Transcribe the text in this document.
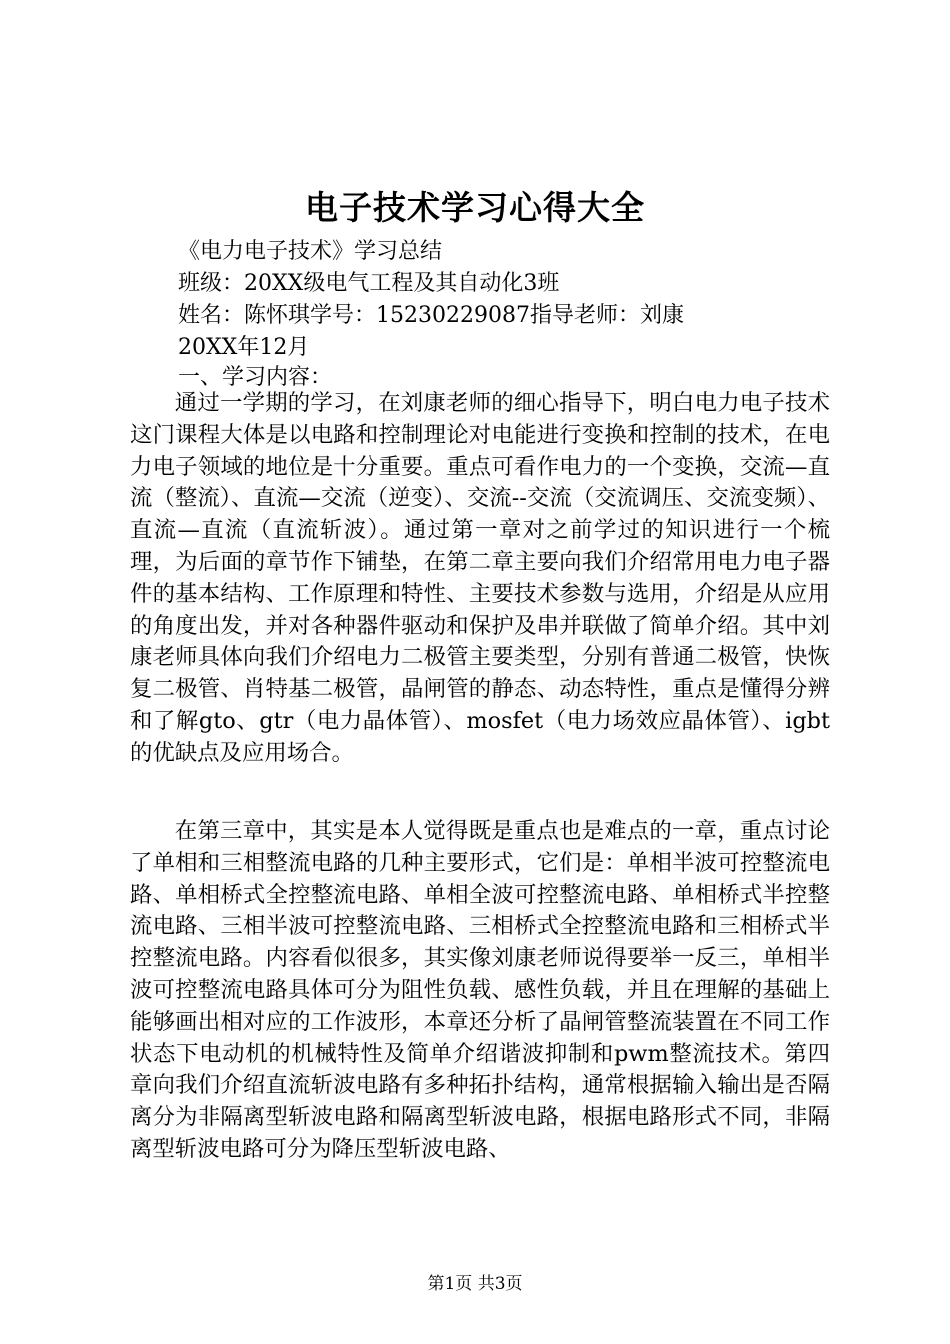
电子技术学习心得大全
《电力电子技术》学习总结
班级：20XX级电气工程及其自动化3班
姓名：陈怀琪学号：15230229087指导老师：刘康
20XX年12月
一、学习内容：

通过一学期的学习，在刘康老师的细心指导下，明白电力电子技术这门课程大体是以电路和控制理论对电能进行变换和控制的技术，在电力电子领域的地位是十分重要。重点可看作电力的一个变换，交流—直流（整流）、直流—交流（逆变）、交流--交流（交流调压、交流变频）、直流—直流（直流斩波）。通过第一章对之前学过的知识进行一个梳理，为后面的章节作下铺垫，在第二章主要向我们介绍常用电力电子器件的基本结构、工作原理和特性、主要技术参数与选用，介绍是从应用的角度出发，并对各种器件驱动和保护及串并联做了简单介绍。其中刘康老师具体向我们介绍电力二极管主要类型，分别有普通二极管，快恢复二极管、肖特基二极管，晶闸管的静态、动态特性，重点是懂得分辨和了解gto、gtr（电力晶体管）、mosfet（电力场效应晶体管）、igbt的优缺点及应用场合。

在第三章中，其实是本人觉得既是重点也是难点的一章，重点讨论了单相和三相整流电路的几种主要形式，它们是：单相半波可控整流电路、单相桥式全控整流电路、单相全波可控整流电路、单相桥式半控整流电路、三相半波可控整流电路、三相桥式全控整流电路和三相桥式半控整流电路。内容看似很多，其实像刘康老师说得要举一反三，单相半波可控整流电路具体可分为阻性负载、感性负载，并且在理解的基础上能够画出相对应的工作波形，本章还分析了晶闸管整流装置在不同工作状态下电动机的机械特性及简单介绍谐波抑制和pwm整流技术。第四章向我们介绍直流斩波电路有多种拓扑结构，通常根据输入输出是否隔离分为非隔离型斩波电路和隔离型斩波电路，根据电路形式不同，非隔离型斩波电路可分为降压型斩波电路、

第1页 共3页
